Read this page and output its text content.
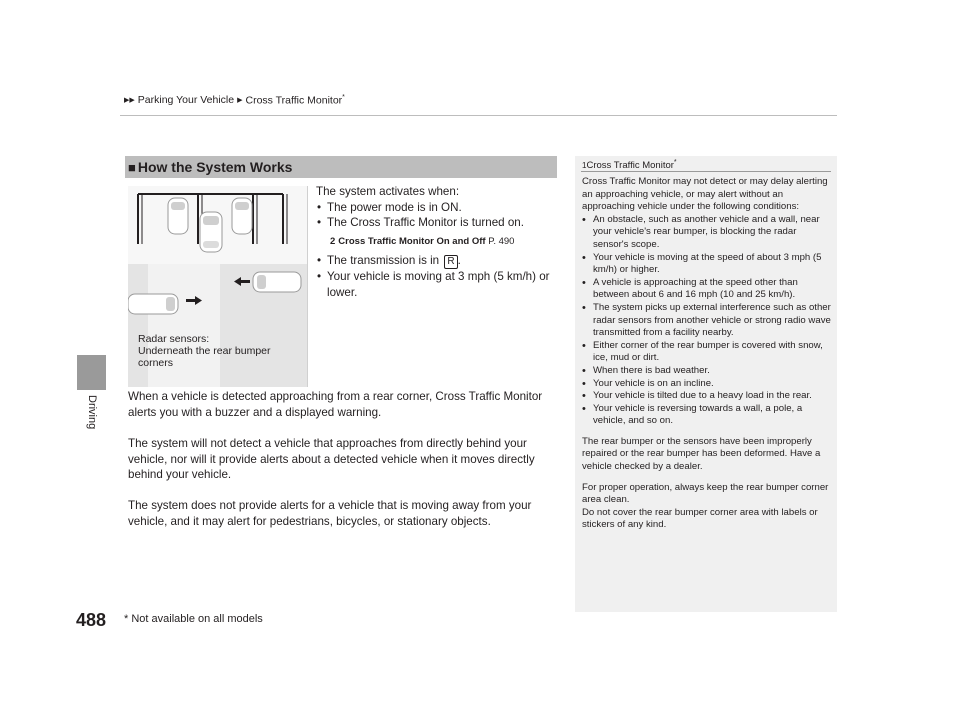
▶▶ Parking Your Vehicle ▶ Cross Traffic Monitor*
Driving
■ How the System Works
Radar sensors:
Underneath the rear bumper
corners
The system activates when:
• The power mode is in ON.
• The Cross Traffic Monitor is turned on.
2 Cross Traffic Monitor On and Off P. 490
• The transmission is in R .
• Your vehicle is moving at 3 mph (5 km/h) or lower.
When a vehicle is detected approaching from a rear corner, Cross Traffic Monitor alerts you with a buzzer and a displayed warning.
The system will not detect a vehicle that approaches from directly behind your vehicle, nor will it provide alerts about a detected vehicle when it moves directly behind your vehicle.
The system does not provide alerts for a vehicle that is moving away from your vehicle, and it may alert for pedestrians, bicycles, or stationary objects.
1Cross Traffic Monitor*

Cross Traffic Monitor may not detect or may delay alerting an approaching vehicle, or may alert without an approaching vehicle under the following conditions:

• An obstacle, such as another vehicle and a wall, near your vehicle's rear bumper, is blocking the radar sensor's scope.
• Your vehicle is moving at the speed of about 3 mph (5 km/h) or higher.
• A vehicle is approaching at the speed other than between about 6 and 16 mph (10 and 25 km/h).
• The system picks up external interference such as other radar sensors from another vehicle or strong radio wave transmitted from a facility nearby.
• Either corner of the rear bumper is covered with snow, ice, mud or dirt.
• When there is bad weather.
• Your vehicle is on an incline.
• Your vehicle is tilted due to a heavy load in the rear.
• Your vehicle is reversing towards a wall, a pole, a vehicle, and so on.

The rear bumper or the sensors have been improperly repaired or the rear bumper has been deformed. Have a vehicle checked by a dealer.

For proper operation, always keep the rear bumper corner area clean.

Do not cover the rear bumper corner area with labels or stickers of any kind.

488 * Not available on all models
